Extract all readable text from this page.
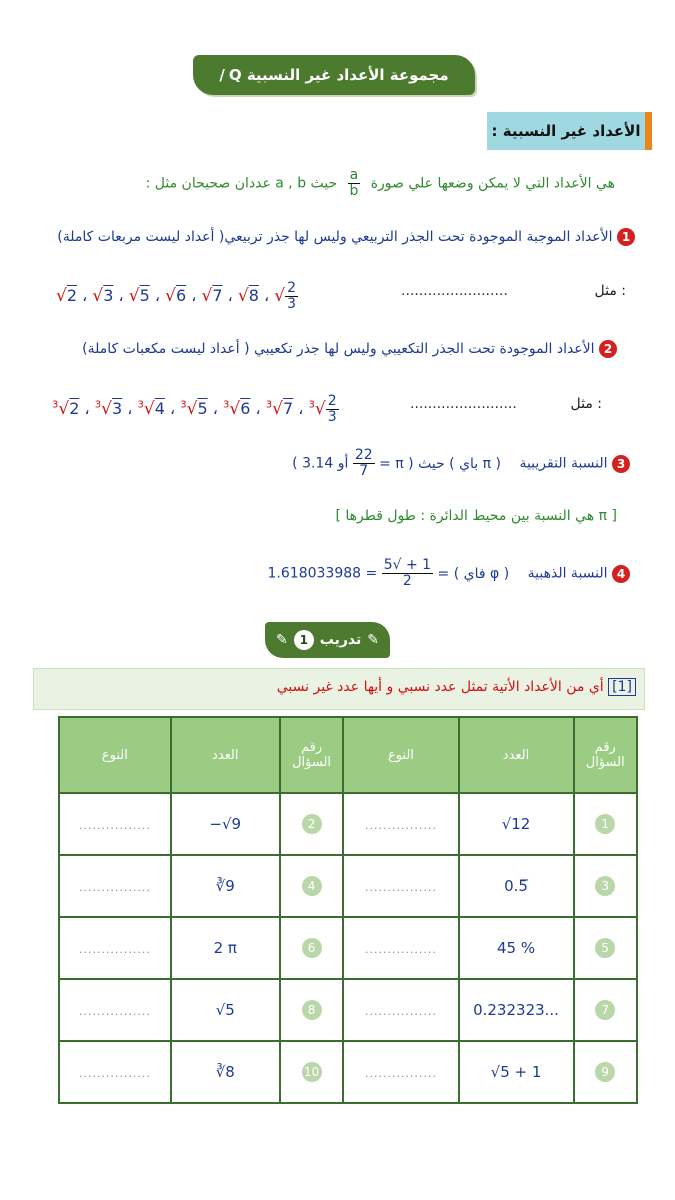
مجموعة الأعداد غير النسبية Q
/
الأعداد غير النسبية :
هي الأعداد التي لا يمكن وضعها علي صورة
$\frac{a}{b}$
حيث a , b عددان صحيحان مثل :
1 الأعداد الموجبة الموجودة تحت الجذر التربيعي وليس لها جذر تربيعي( أعداد ليست مربعات كاملة)
مثل :
........................
√2 ، √3 ، √5 ، √6 ، √7 ، √8 ، √ $\frac{2}{3}$
2 الأعداد الموجودة تحت الجذر التكعيبي وليس لها جذر تكعيبي ( أعداد ليست مكعبات كاملة)
مثل :
........................
$^3$√2 ، $^3$√3 ، $^3$√4 ، $^3$√5 ، $^3$√6 ، $^3$√7 ، $^3√ \frac{2}{3}$
3 النسبة التقريبية ( π باي ) حيث ( π =
$\frac{22}{7}$
أو 3.14 )
[ π هي النسبة بين محيط الدائرة : طول قطرها ]
4 النسبة الذهبية ( φ فاي ) =
$\frac{1 + √5}{2}$
= 1.618033988
✎
تدريب
1
✎
[1] أي من الأعداد الأتية تمثل عدد نسبي و أيها عدد غير نسبي
رقم السؤال	العدد	النوع	رقم السؤال	العدد	النوع
1	√12	................	2	−√9	................
3	0.5̅	................	4	∛9	................
5	45 %	................	6	2 π	................
7	0.232323...	................	8	√5	................
9	√5 + 1	................	10	∛8	................
